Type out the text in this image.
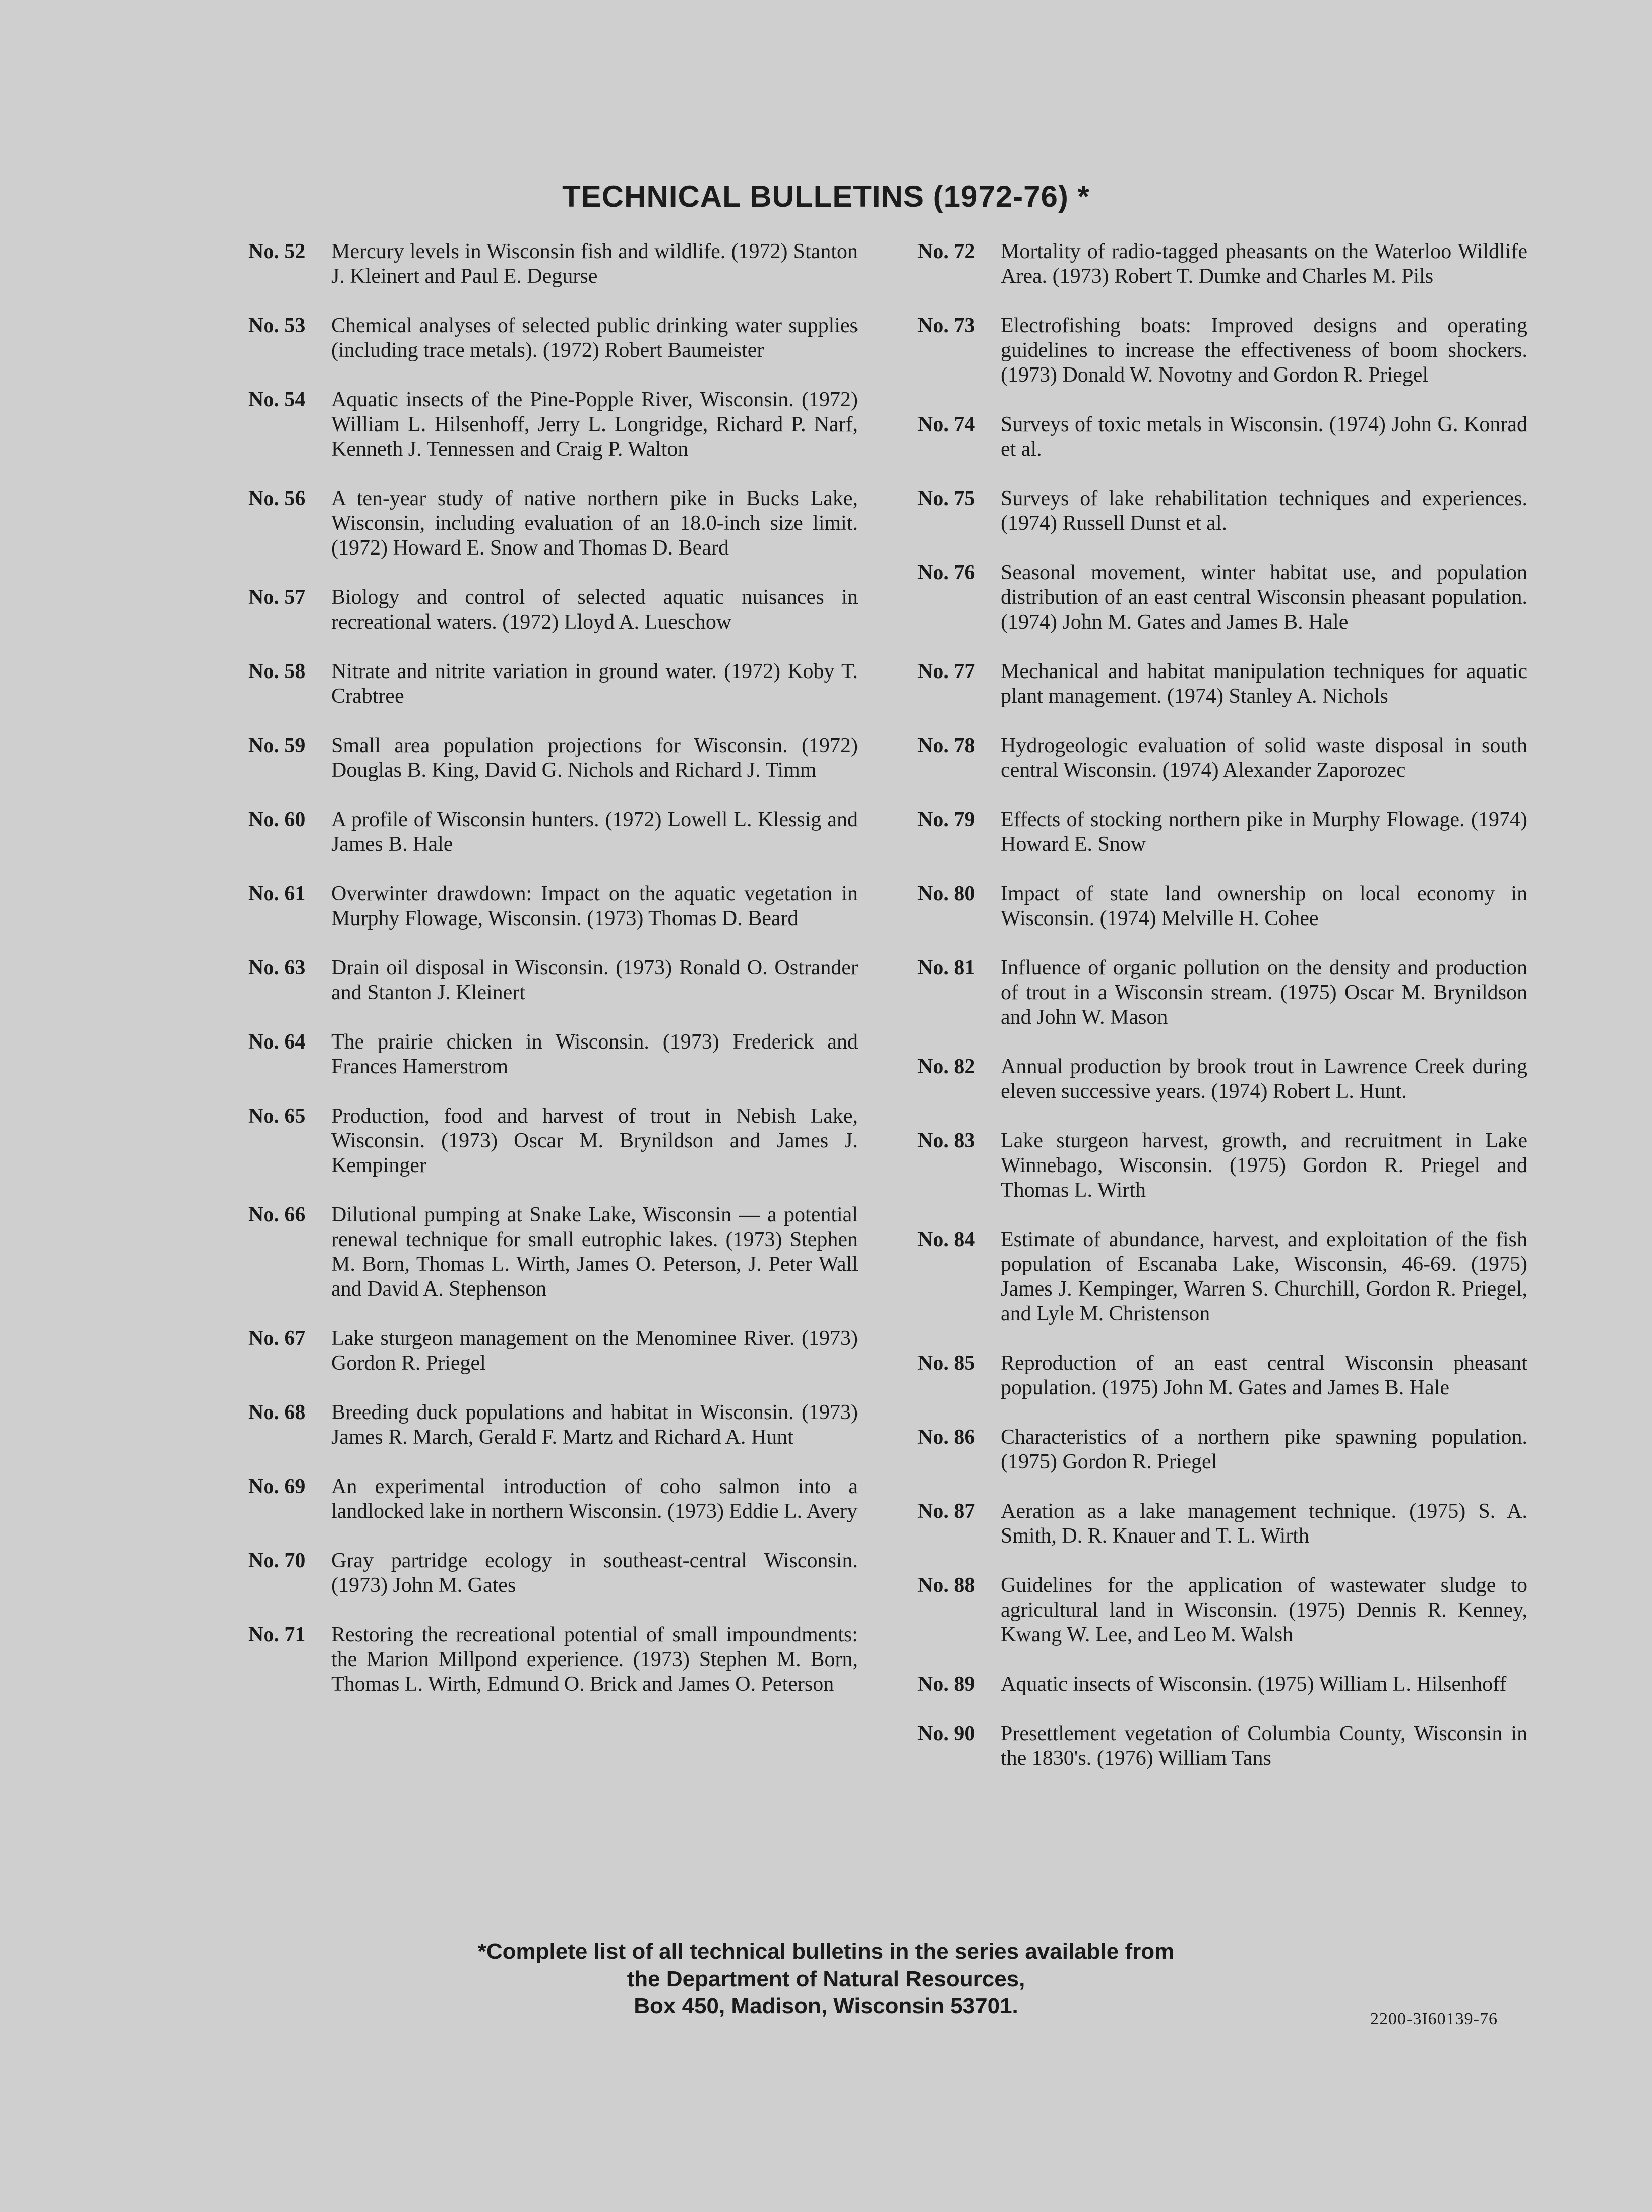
TECHNICAL BULLETINS (1972-76) *
No. 52	Mercury levels in Wisconsin fish and wildlife. (1972) Stanton J. Kleinert and Paul E. Degurse
No. 53	Chemical analyses of selected public drinking water supplies (including trace metals). (1972) Robert Baumeister
No. 54	Aquatic insects of the Pine-Popple River, Wisconsin. (1972) William L. Hilsenhoff, Jerry L. Longridge, Richard P. Narf, Kenneth J. Tennessen and Craig P. Walton
No. 56	A ten-year study of native northern pike in Bucks Lake, Wisconsin, including evaluation of an 18.0-inch size limit. (1972) Howard E. Snow and Thomas D. Beard
No. 57	Biology and control of selected aquatic nuisances in recreational waters. (1972) Lloyd A. Lueschow
No. 58	Nitrate and nitrite variation in ground water. (1972) Koby T. Crabtree
No. 59	Small area population projections for Wisconsin. (1972) Douglas B. King, David G. Nichols and Richard J. Timm
No. 60	A profile of Wisconsin hunters. (1972) Lowell L. Klessig and James B. Hale
No. 61	Overwinter drawdown: Impact on the aquatic vegetation in Murphy Flowage, Wisconsin. (1973) Thomas D. Beard
No. 63	Drain oil disposal in Wisconsin. (1973) Ronald O. Ostrander and Stanton J. Kleinert
No. 64	The prairie chicken in Wisconsin. (1973) Frederick and Frances Hamerstrom
No. 65	Production, food and harvest of trout in Nebish Lake, Wisconsin. (1973) Oscar M. Brynildson and James J. Kempinger
No. 66	Dilutional pumping at Snake Lake, Wisconsin — a potential renewal technique for small eutrophic lakes. (1973) Stephen M. Born, Thomas L. Wirth, James O. Peterson, J. Peter Wall and David A. Stephenson
No. 67	Lake sturgeon management on the Menominee River. (1973) Gordon R. Priegel
No. 68	Breeding duck populations and habitat in Wisconsin. (1973) James R. March, Gerald F. Martz and Richard A. Hunt
No. 69	An experimental introduction of coho salmon into a landlocked lake in northern Wisconsin. (1973) Eddie L. Avery
No. 70	Gray partridge ecology in southeast-central Wisconsin. (1973) John M. Gates
No. 71	Restoring the recreational potential of small impoundments: the Marion Millpond experience. (1973) Stephen M. Born, Thomas L. Wirth, Edmund O. Brick and James O. Peterson
No. 72	Mortality of radio-tagged pheasants on the Waterloo Wildlife Area. (1973) Robert T. Dumke and Charles M. Pils
No. 73	Electrofishing boats: Improved designs and operating guidelines to increase the effectiveness of boom shockers. (1973) Donald W. Novotny and Gordon R. Priegel
No. 74	Surveys of toxic metals in Wisconsin. (1974) John G. Konrad et al.
No. 75	Surveys of lake rehabilitation techniques and experiences. (1974) Russell Dunst et al.
No. 76	Seasonal movement, winter habitat use, and population distribution of an east central Wisconsin pheasant population. (1974) John M. Gates and James B. Hale
No. 77	Mechanical and habitat manipulation techniques for aquatic plant management. (1974) Stanley A. Nichols
No. 78	Hydrogeologic evaluation of solid waste disposal in south central Wisconsin. (1974) Alexander Zaporozec
No. 79	Effects of stocking northern pike in Murphy Flowage. (1974) Howard E. Snow
No. 80	Impact of state land ownership on local economy in Wisconsin. (1974) Melville H. Cohee
No. 81	Influence of organic pollution on the density and production of trout in a Wisconsin stream. (1975) Oscar M. Brynildson and John W. Mason
No. 82	Annual production by brook trout in Lawrence Creek during eleven successive years. (1974) Robert L. Hunt.
No. 83	Lake sturgeon harvest, growth, and recruitment in Lake Winnebago, Wisconsin. (1975) Gordon R. Priegel and Thomas L. Wirth
No. 84	Estimate of abundance, harvest, and exploitation of the fish population of Escanaba Lake, Wisconsin, 46-69. (1975) James J. Kempinger, Warren S. Churchill, Gordon R. Priegel, and Lyle M. Christenson
No. 85	Reproduction of an east central Wisconsin pheasant population. (1975) John M. Gates and James B. Hale
No. 86	Characteristics of a northern pike spawning population. (1975) Gordon R. Priegel
No. 87	Aeration as a lake management technique. (1975) S. A. Smith, D. R. Knauer and T. L. Wirth
No. 88	Guidelines for the application of wastewater sludge to agricultural land in Wisconsin. (1975) Dennis R. Kenney, Kwang W. Lee, and Leo M. Walsh
No. 89	Aquatic insects of Wisconsin. (1975) William L. Hilsenhoff
No. 90	Presettlement vegetation of Columbia County, Wisconsin in the 1830's. (1976) William Tans
*Complete list of all technical bulletins in the series available from
the Department of Natural Resources,
Box 450, Madison, Wisconsin 53701.
2200-3I60139-76
